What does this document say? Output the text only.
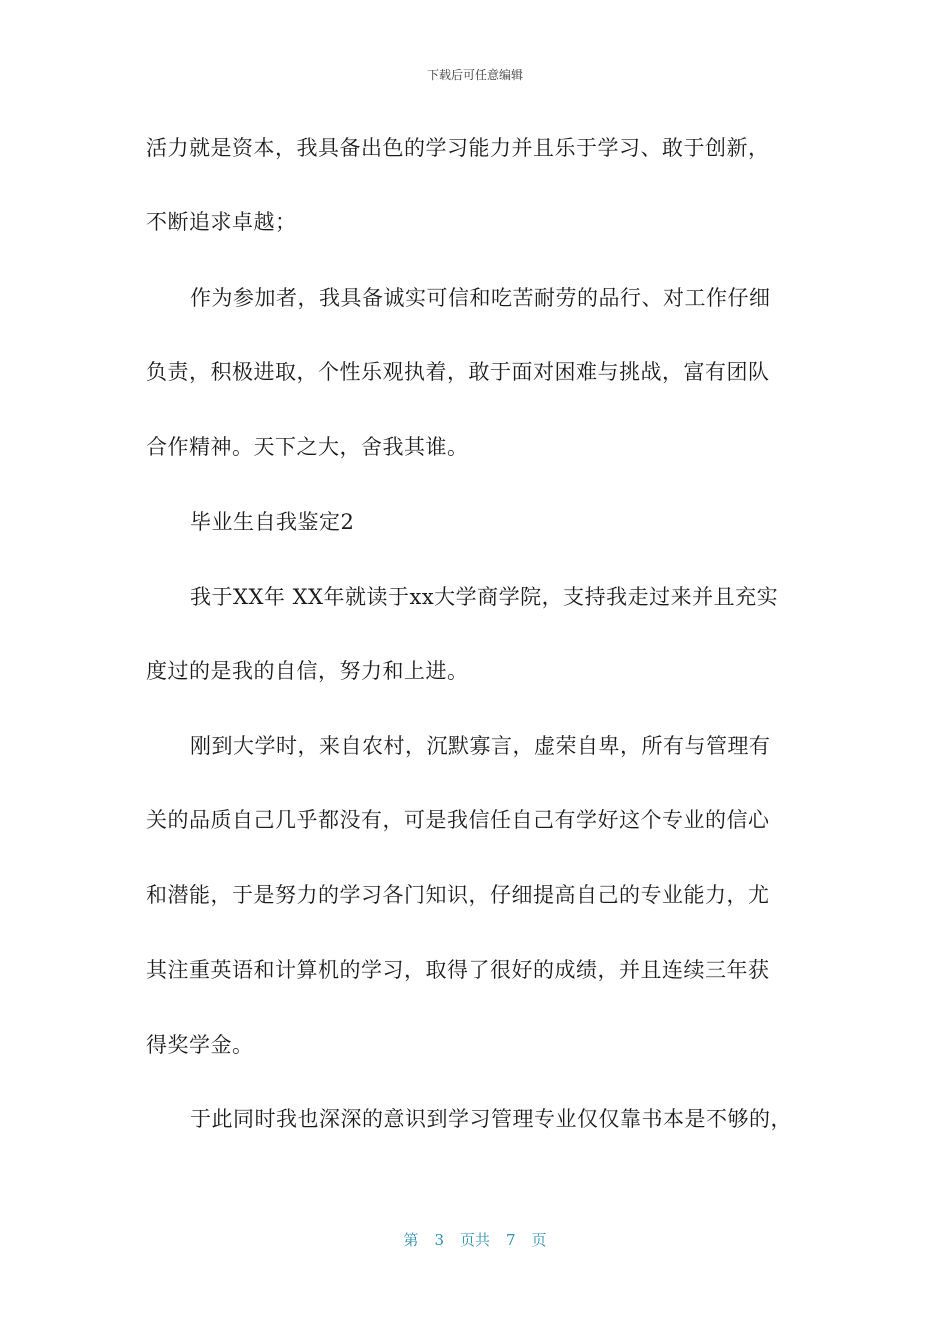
下载后可任意编辑
活力就是资本，我具备出色的学习能力并且乐于学习、敢于创新，
不断追求卓越；
作为参加者，我具备诚实可信和吃苦耐劳的品行、对工作仔细
负责，积极进取，个性乐观执着，敢于面对困难与挑战，富有团队
合作精神。天下之大，舍我其谁。
毕业生自我鉴定2
我于XX年 XX年就读于xx大学商学院，支持我走过来并且充实
度过的是我的自信，努力和上进。
刚到大学时，来自农村，沉默寡言，虚荣自卑，所有与管理有
关的品质自己几乎都没有，可是我信任自己有学好这个专业的信心
和潜能，于是努力的学习各门知识，仔细提高自己的专业能力，尤
其注重英语和计算机的学习，取得了很好的成绩，并且连续三年获
得奖学金。
于此同时我也深深的意识到学习管理专业仅仅靠书本是不够的，
第 3 页共 7 页
